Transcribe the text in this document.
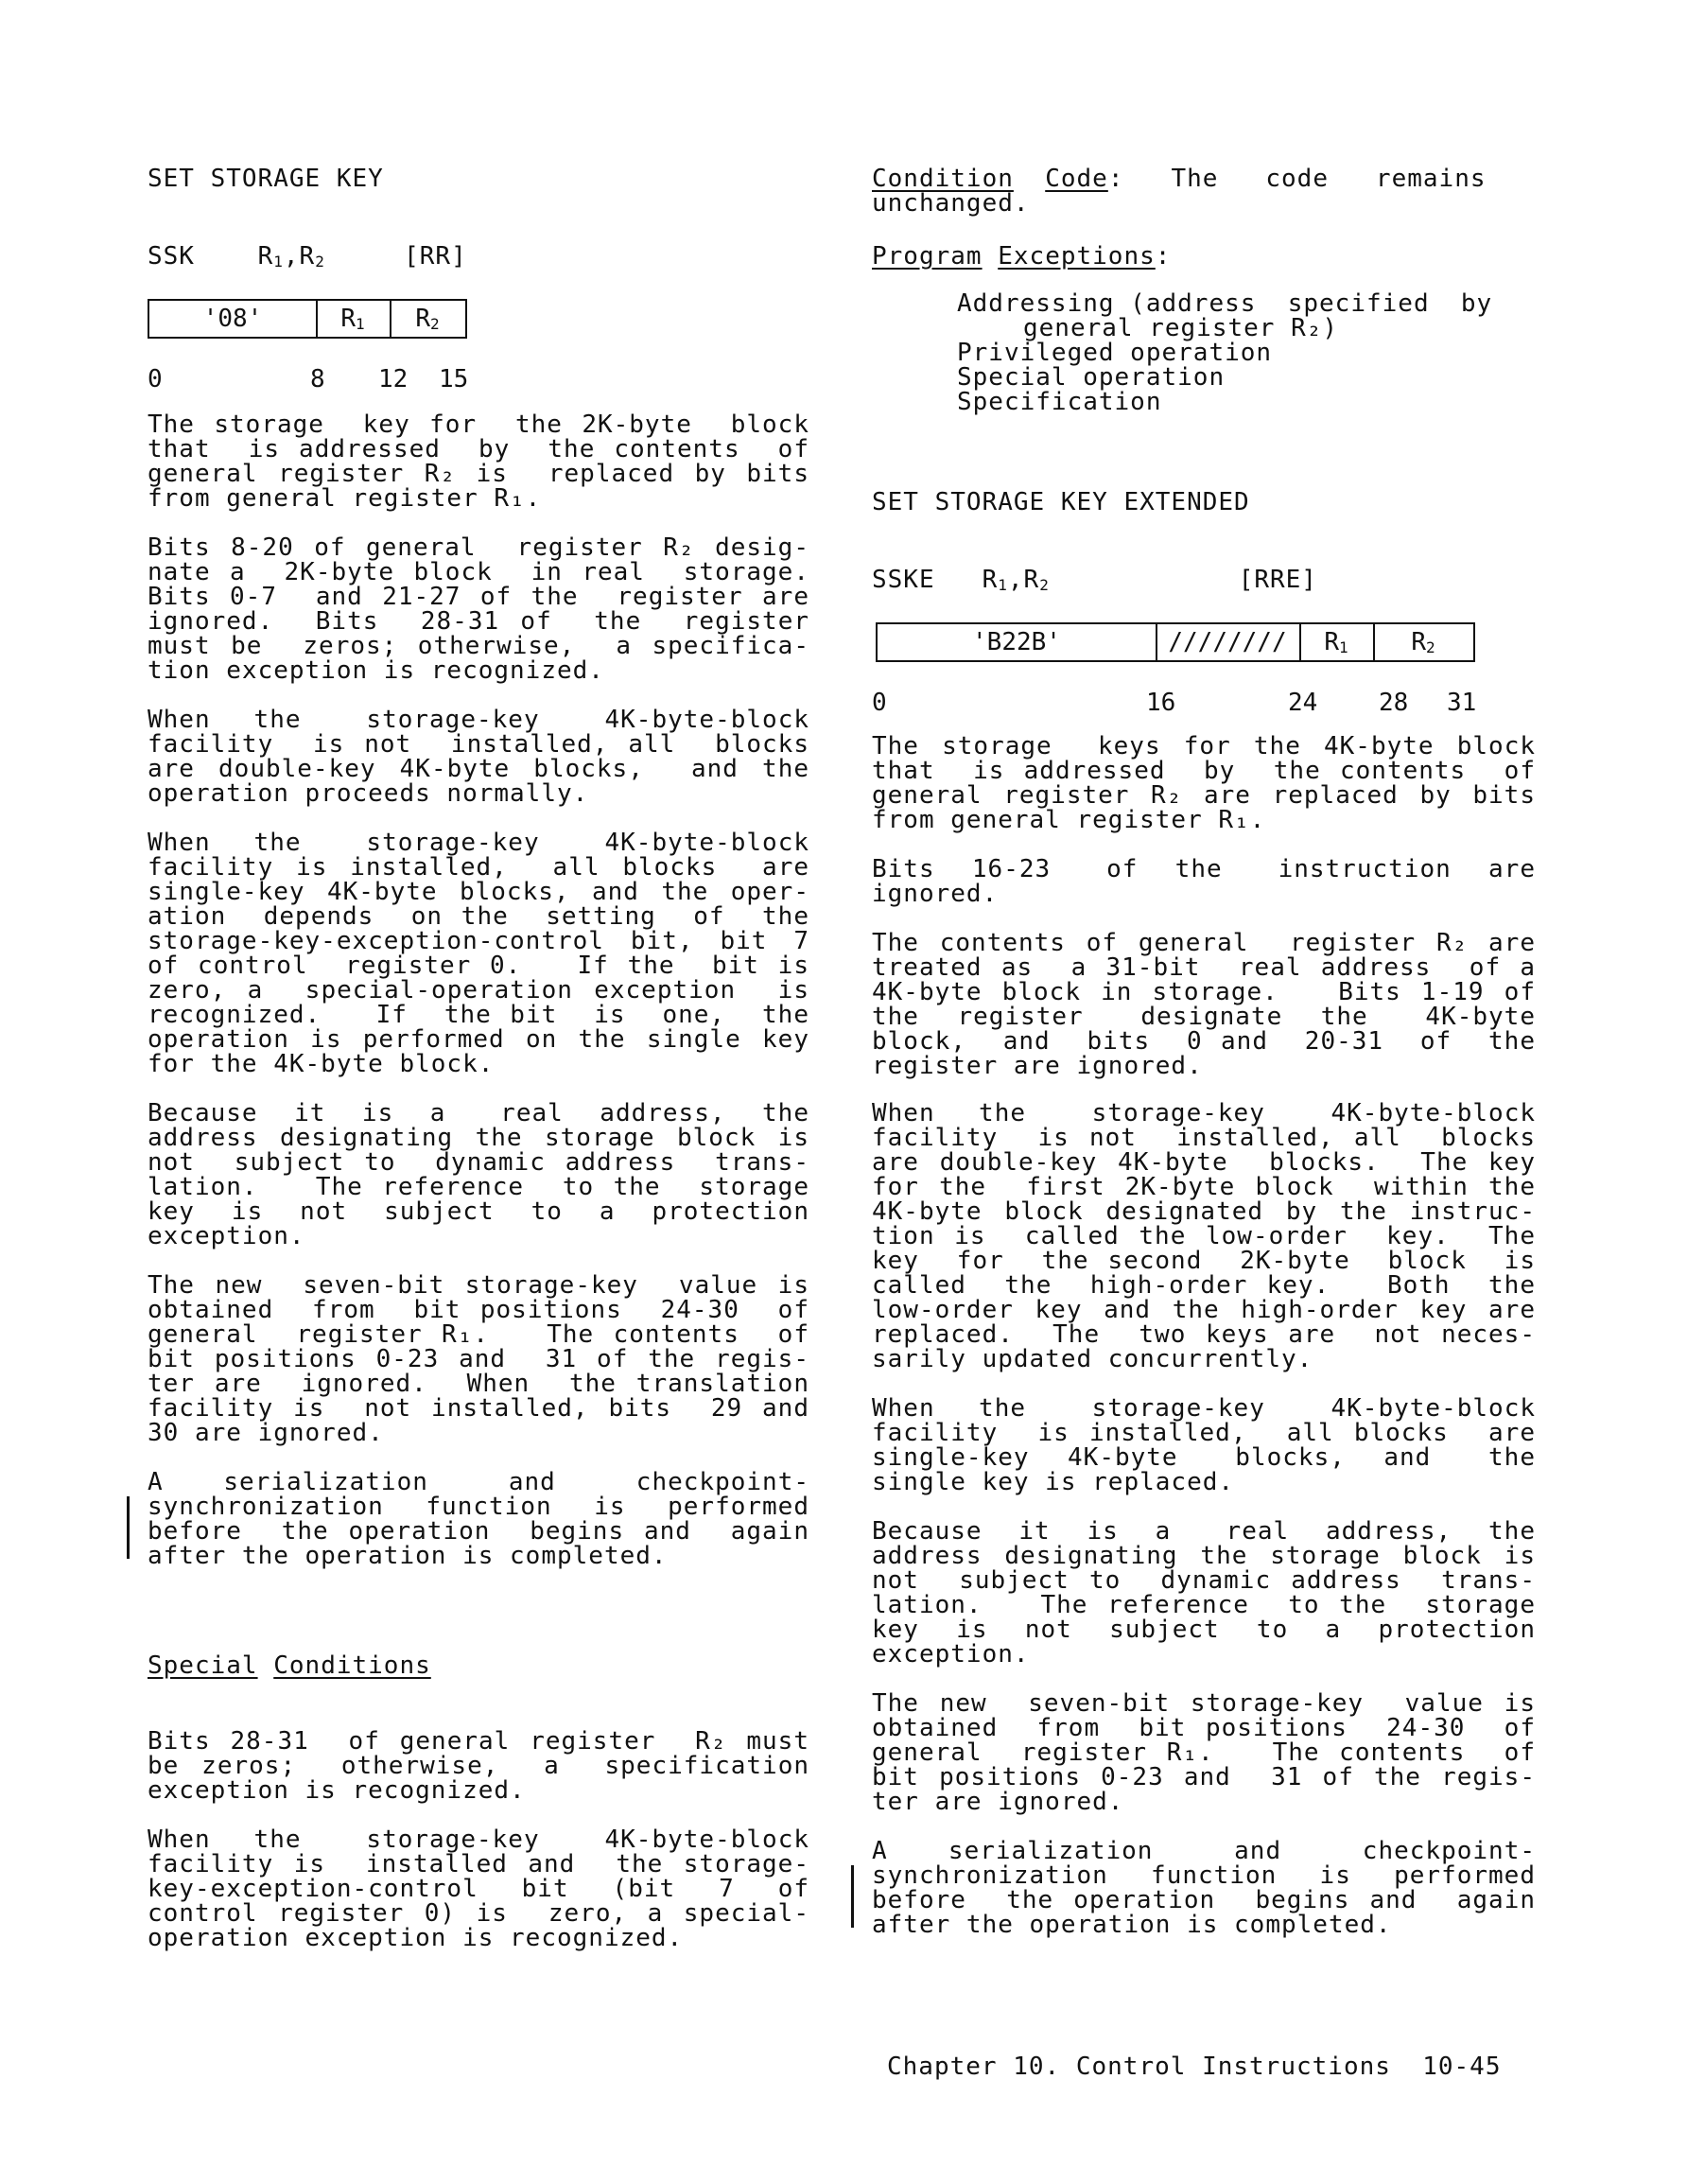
SET STORAGE KEY
SSK	$R_1,R_2$	[RR]
'08'	$R_1$	$R_2$
0	8 12 15
The storage  key for  the 2K-byte  block
that  is addressed  by  the contents  of
general register R₂ is  replaced by bits
from general register R₁.
Bits 8-20 of general  register R₂ desig-
nate a  2K-byte block  in real  storage.
Bits 0-7  and 21-27 of the  register are
ignored.  Bits  28-31 of  the  register
must be  zeros; otherwise,  a specifica-
tion exception is recognized.
When  the   storage-key   4K-byte-block
facility  is not  installed, all  blocks
are double-key 4K-byte blocks,  and the
operation proceeds normally.
When  the   storage-key   4K-byte-block
facility is installed,  all blocks  are
single-key 4K-byte blocks, and the oper-
ation  depends  on the  setting  of  the
storage-key-exception-control bit, bit 7
of control  register 0.   If the  bit is
zero, a  special-operation exception  is
recognized.   If  the bit  is  one,  the
operation is performed on the single key
for the 4K-byte block.
Because  it  is  a   real  address,  the
address designating the storage block is
not  subject to  dynamic address  trans-
lation.   The reference  to the  storage
key  is  not  subject  to  a  protection
exception.
The new  seven-bit storage-key  value is
obtained  from  bit positions  24-30  of
general  register R₁.   The contents  of
bit positions 0-23 and  31 of the regis-
ter are  ignored.  When  the translation
facility is  not installed, bits  29 and
30 are ignored.
A   serialization    and    checkpoint-
synchronization  function  is  performed
before  the operation  begins and  again
after the operation is completed.
Special Conditions
Bits 28-31  of general register  R₂ must
be zeros;  otherwise,  a  specification
exception is recognized.
When  the   storage-key   4K-byte-block
facility is  installed and  the storage-
key-exception-control  bit  (bit  7  of
control register 0) is  zero, a special-
operation exception is recognized.
Condition Code:   The   code   remains
unchanged.
Program Exceptions:
Addressing (address  specified  by
general register R₂)
Privileged operation
Special operation
Specification
SET STORAGE KEY EXTENDED
SSKE $R_1,R_2$	[RRE]
'B22B'	////////	$R_1$	$R_2$
0	16	24 28 31
The storage  keys for the 4K-byte block
that  is addressed  by  the contents  of
general register R₂ are replaced by bits
from general register R₁.
Bits  16-23   of  the   instruction  are
ignored.
The contents of general  register R₂ are
treated as  a 31-bit  real address  of a
4K-byte block in storage.   Bits 1-19 of
the  register   designate  the   4K-byte
block,  and  bits  0 and  20-31  of  the
register are ignored.
When  the   storage-key   4K-byte-block
facility  is not  installed, all  blocks
are double-key 4K-byte  blocks.  The key
for the  first 2K-byte block  within the
4K-byte block designated by the instruc-
tion is  called the low-order  key.  The
key  for  the second  2K-byte  block  is
called  the  high-order key.   Both  the
low-order key and the high-order key are
replaced.  The  two keys are  not neces-
sarily updated concurrently.
When  the   storage-key   4K-byte-block
facility  is installed,  all blocks  are
single-key  4K-byte   blocks,  and   the
single key is replaced.
Because  it  is  a   real  address,  the
address designating the storage block is
not  subject to  dynamic address  trans-
lation.   The reference  to the  storage
key  is  not  subject  to  a  protection
exception.
The new  seven-bit storage-key  value is
obtained  from  bit positions  24-30  of
general  register R₁.   The contents  of
bit positions 0-23 and  31 of the regis-
ter are ignored.
A   serialization    and    checkpoint-
synchronization  function  is  performed
before  the operation  begins and  again
after the operation is completed.
Chapter 10. Control Instructions  10-45
